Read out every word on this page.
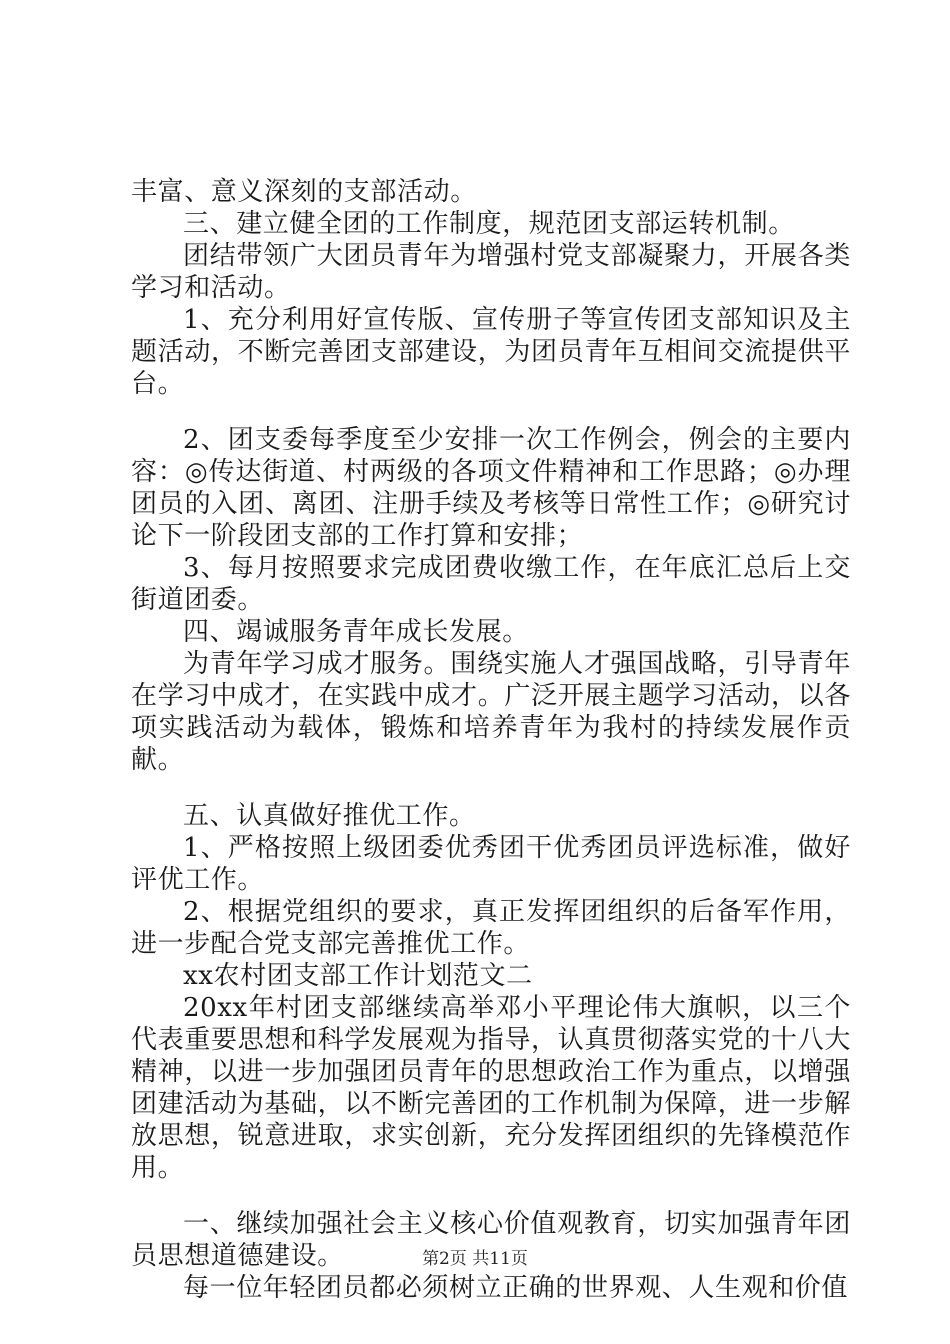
丰富、意义深刻的支部活动。

三、建立健全团的工作制度，规范团支部运转机制。

团结带领广大团员青年为增强村党支部凝聚力，开展各类学习和活动。

1、充分利用好宣传版、宣传册子等宣传团支部知识及主题活动，不断完善团支部建设，为团员青年互相间交流提供平台。

2、团支委每季度至少安排一次工作例会，例会的主要内容：◎传达街道、村两级的各项文件精神和工作思路；◎办理团员的入团、离团、注册手续及考核等日常性工作；◎研究讨论下一阶段团支部的工作打算和安排；

3、每月按照要求完成团费收缴工作，在年底汇总后上交街道团委。

四、竭诚服务青年成长发展。

为青年学习成才服务。围绕实施人才强国战略，引导青年在学习中成才，在实践中成才。广泛开展主题学习活动，以各项实践活动为载体，锻炼和培养青年为我村的持续发展作贡献。

五、认真做好推优工作。

1、严格按照上级团委优秀团干优秀团员评选标准，做好评优工作。

2、根据党组织的要求，真正发挥团组织的后备军作用，进一步配合党支部完善推优工作。

xx农村团支部工作计划范文二

20xx年村团支部继续高举邓小平理论伟大旗帜，以三个代表重要思想和科学发展观为指导，认真贯彻落实党的十八大精神，以进一步加强团员青年的思想政治工作为重点，以增强团建活动为基础，以不断完善团的工作机制为保障，进一步解放思想，锐意进取，求实创新，充分发挥团组织的先锋模范作用。

一、继续加强社会主义核心价值观教育，切实加强青年团员思想道德建设。

每一位年轻团员都必须树立正确的世界观、人生观和价值

第2页 共11页
